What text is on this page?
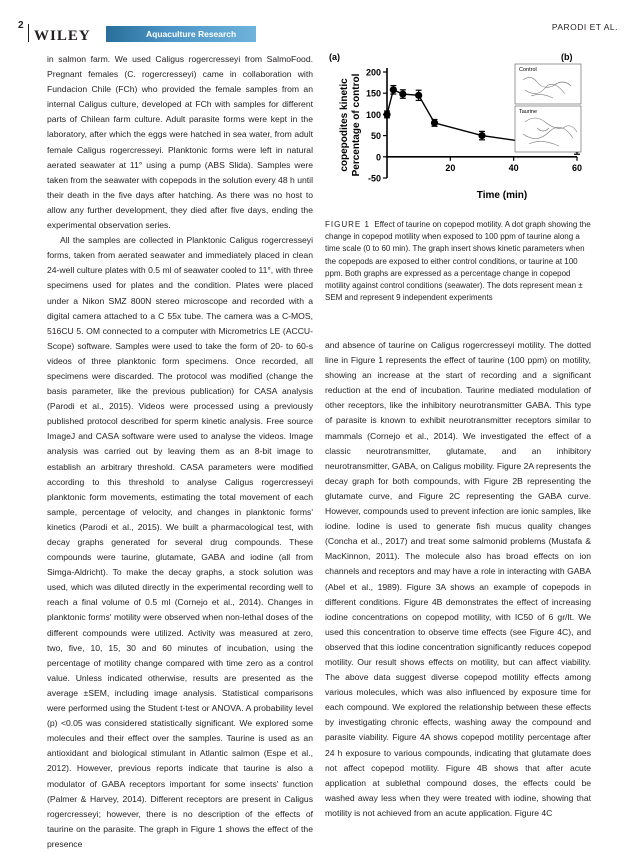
2
WILEY	Aquaculture Research
PARODI ET AL.

in salmon farm. We used Caligus rogercresseyi from SalmoFood. Pregnant females (C. rogercresseyi) came in collaboration with Fundacion Chile (FCh) who provided the female samples from an internal Caligus culture, developed at FCh with samples for different parts of Chilean farm culture. Adult parasite forms were kept in the laboratory, after which the eggs were hatched in sea water, from adult female Caligus rogercresseyi. Planktonic forms were left in natural aerated seawater at 11° using a pump (ABS Slida). Samples were taken from the seawater with copepods in the solution every 48 h until their death in the five days after hatching. As there was no host to allow any further development, they died after five days, ending the experimental observation series.

All the samples are collected in Planktonic Caligus rogercresseyi forms, taken from aerated seawater and immediately placed in clean 24-well culture plates with 0.5 ml of seawater cooled to 11°, with three specimens used for plates and the condition. Plates were placed under a Nikon SMZ 800N stereo microscope and recorded with a digital camera attached to a C 55x tube. The camera was a C-MOS, 516CU 5. OM connected to a computer with Micrometrics LE (ACCU-Scope) software. Samples were used to take the form of 20- to 60-s videos of three planktonic form specimens. Once recorded, all specimens were discarded. The protocol was modified (change the basis parameter, like the previous publication) for CASA analysis (Parodi et al., 2015). Videos were processed using a previously published protocol described for sperm kinetic analysis. Free source ImageJ and CASA software were used to analyse the videos. Image analysis was carried out by leaving them as an 8-bit image to establish an arbitrary threshold. CASA parameters were modified according to this threshold to analyse Caligus rogercresseyi planktonic form movements, estimating the total movement of each sample, percentage of velocity, and changes in planktonic forms' kinetics (Parodi et al., 2015). We built a pharmacological test, with decay graphs generated for several drug compounds. These compounds were taurine, glutamate, GABA and iodine (all from Simga-Aldricht). To make the decay graphs, a stock solution was used, which was diluted directly in the experimental recording well to reach a final volume of 0.5 ml (Cornejo et al., 2014). Changes in planktonic forms' motility were observed when non-lethal doses of the different compounds were utilized. Activity was measured at zero, two, five, 10, 15, 30 and 60 minutes of incubation, using the percentage of motility change compared with time zero as a control value. Unless indicated otherwise, results are presented as the average ±SEM, including image analysis. Statistical comparisons were performed using the Student t-test or ANOVA. A probability level (p) <0.05 was considered statistically significant. We explored some molecules and their effect over the samples. Taurine is used as an antioxidant and biological stimulant in Atlantic salmon (Espe et al., 2012). However, previous reports indicate that taurine is also a modulator of GABA receptors important for some insects' function (Palmer & Harvey, 2014). Different receptors are present in Caligus rogercresseyi; however, there is no description of the effects of taurine on the parasite. The graph in Figure 1 shows the effect of the presence

(a)	(b)
-50
0
50
100
150
200
20	40	60
Time (min)
copepodites kinetic Percentage of control
Control
Taurine
FIGURE 1 Effect of taurine on copepod motility. A dot graph showing the change in copepod motility when exposed to 100 ppm of taurine along a time scale (0 to 60 min). The graph insert shows kinetic parameters when the copepods are exposed to either control conditions, or taurine at 100 ppm. Both graphs are expressed as a percentage change in copepod motility against control conditions (seawater). The dots represent mean ± SEM and represent 9 independent experiments

and absence of taurine on Caligus rogercresseyi motility. The dotted line in Figure 1 represents the effect of taurine (100 ppm) on motility, showing an increase at the start of recording and a significant reduction at the end of incubation. Taurine mediated modulation of other receptors, like the inhibitory neurotransmitter GABA. This type of parasite is known to exhibit neurotransmitter receptors similar to mammals (Cornejo et al., 2014). We investigated the effect of a classic neurotransmitter, glutamate, and an inhibitory neurotransmitter, GABA, on Caligus mobility. Figure 2A represents the decay graph for both compounds, with Figure 2B representing the glutamate curve, and Figure 2C representing the GABA curve. However, compounds used to prevent infection are ionic samples, like iodine. Iodine is used to generate fish mucus quality changes (Concha et al., 2017) and treat some salmonid problems (Mustafa & MacKinnon, 2011). The molecule also has broad effects on ion channels and receptors and may have a role in interacting with GABA (Abel et al., 1989). Figure 3A shows an example of copepods in different conditions. Figure 4B demonstrates the effect of increasing iodine concentrations on copepod motility, with IC50 of 6 gr/lt. We used this concentration to observe time effects (see Figure 4C), and observed that this iodine concentration significantly reduces copepod motility. Our result shows effects on motility, but can affect viability. The above data suggest diverse copepod motility effects among various molecules, which was also influenced by exposure time for each compound. We explored the relationship between these effects by investigating chronic effects, washing away the compound and parasite viability. Figure 4A shows copepod motility percentage after 24 h exposure to various compounds, indicating that glutamate does not affect copepod motility. Figure 4B shows that after acute application at sublethal compound doses, the effects could be washed away less when they were treated with iodine, showing that motility is not achieved from an acute application. Figure 4C
